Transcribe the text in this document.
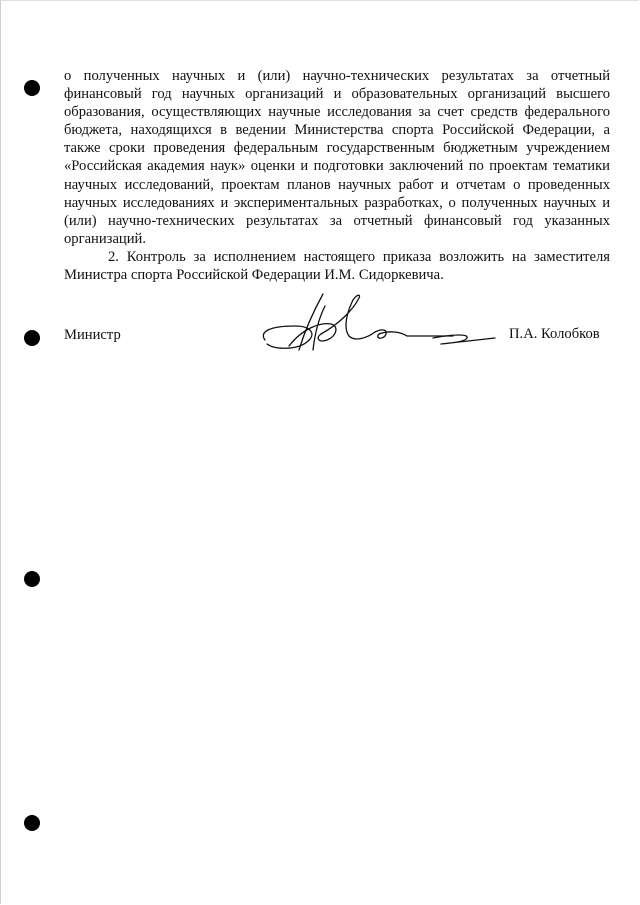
о полученных научных и (или) научно-технических результатах за отчетный финансовый год научных организаций и образовательных организаций высшего образования, осуществляющих научные исследования за счет средств федерального бюджета, находящихся в ведении Министерства спорта Российской Федерации, а также сроки проведения федеральным государственным бюджетным учреждением «Российская академия наук» оценки и подготовки заключений по проектам тематики научных исследований, проектам планов научных работ и отчетам о проведенных научных исследованиях и экспериментальных разработках, о полученных научных и (или) научно-технических результатах за отчетный финансовый год указанных организаций.

2. Контроль за исполнением настоящего приказа возложить на заместителя Министра спорта Российской Федерации И.М. Сидоркевича.

Министр	П.А. Колобков
